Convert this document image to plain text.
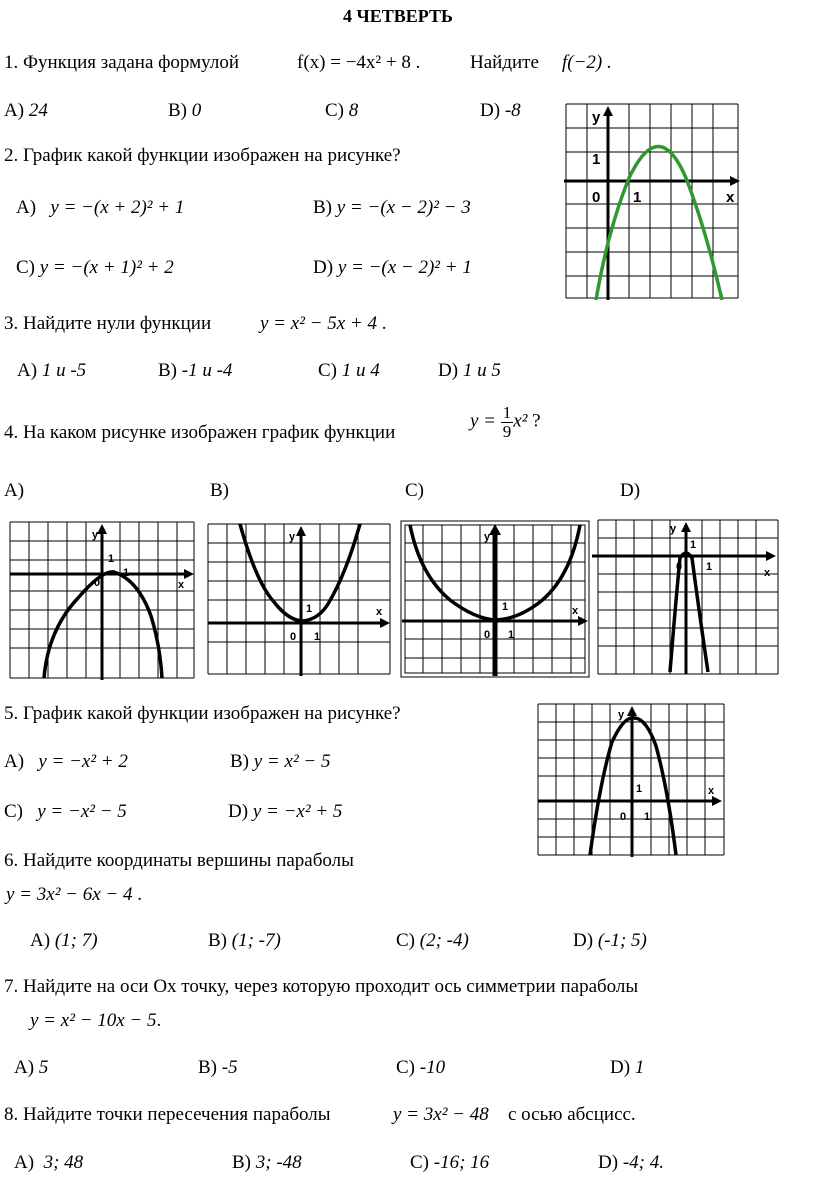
4 ЧЕТВЕРТЬ
1. Функция задана формулой	f(x) = −4x² + 8 .	Найдите f(−2) .
A) 24	B) 0	C) 8	D) -8
2. График какой функции изображен на рисунке?
A) y = −(x + 2)² + 1	B) y = −(x − 2)² − 3
C) y = −(x + 1)² + 2	D) y = −(x − 2)² + 1
y
1
0 1	x
3. Найдите нули функции	y = x² − 5x + 4 .
A) 1 и -5	B) -1 и -4	C) 1 и 4	D) 1 и 5
4. На каком рисунке изображен график функции
$y = \frac{1}{9} x^2$ ?
A)	B)	C)	D)
y
1
0
1
x
y
1
0 1
x
y
1
0 1
x
y
1
0 1	x
5. График какой функции изображен на рисунке?
A) y = −x² + 2	B) y = x² − 5
C) y = −x² − 5	D) y = −x² + 5
y
1
0 1
x
6. Найдите координаты вершины параболы
y = 3x² − 6x − 4 .
A) (1; 7)	B) (1; -7)	C) (2; -4)	D) (-1; 5)
7. Найдите на оси Ох точку, через которую проходит ось симметрии параболы
y = x² − 10x − 5.
A) 5	B) -5	C) -10	D) 1
8. Найдите точки пересечения параболы	y = 3x² − 48 с осью абсцисс.
A) 3; 48	B) 3; -48	C) -16; 16	D) -4; 4.
